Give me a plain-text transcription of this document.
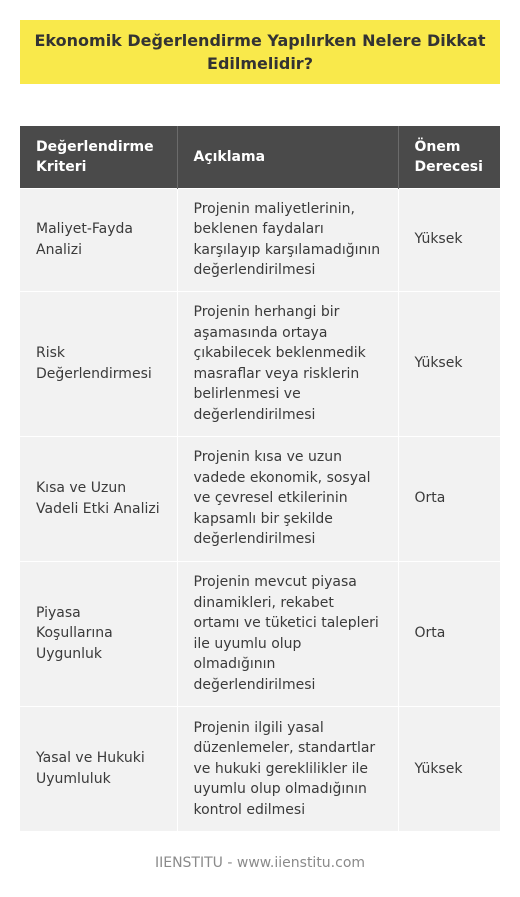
Ekonomik Değerlendirme Yapılırken Nelere Dikkat Edilmelidir?
Değerlendirme Kriteri	Açıklama	Önem Derecesi
Maliyet-Fayda Analizi	Projenin maliyetlerinin, beklenen faydaları karşılayıp karşılamadığının değerlendirilmesi	Yüksek
Risk Değerlendirmesi	Projenin herhangi bir aşamasında ortaya çıkabilecek beklenmedik masraflar veya risklerin belirlenmesi ve değerlendirilmesi	Yüksek
Kısa ve Uzun Vadeli Etki Analizi	Projenin kısa ve uzun vadede ekonomik, sosyal ve çevresel etkilerinin kapsamlı bir şekilde değerlendirilmesi	Orta
Piyasa Koşullarına Uygunluk	Projenin mevcut piyasa dinamikleri, rekabet ortamı ve tüketici talepleri ile uyumlu olup olmadığının değerlendirilmesi	Orta
Yasal ve Hukuki Uyumluluk	Projenin ilgili yasal düzenlemeler, standartlar ve hukuki gereklilikler ile uyumlu olup olmadığının kontrol edilmesi	Yüksek
IIENSTITU - www.iienstitu.com
